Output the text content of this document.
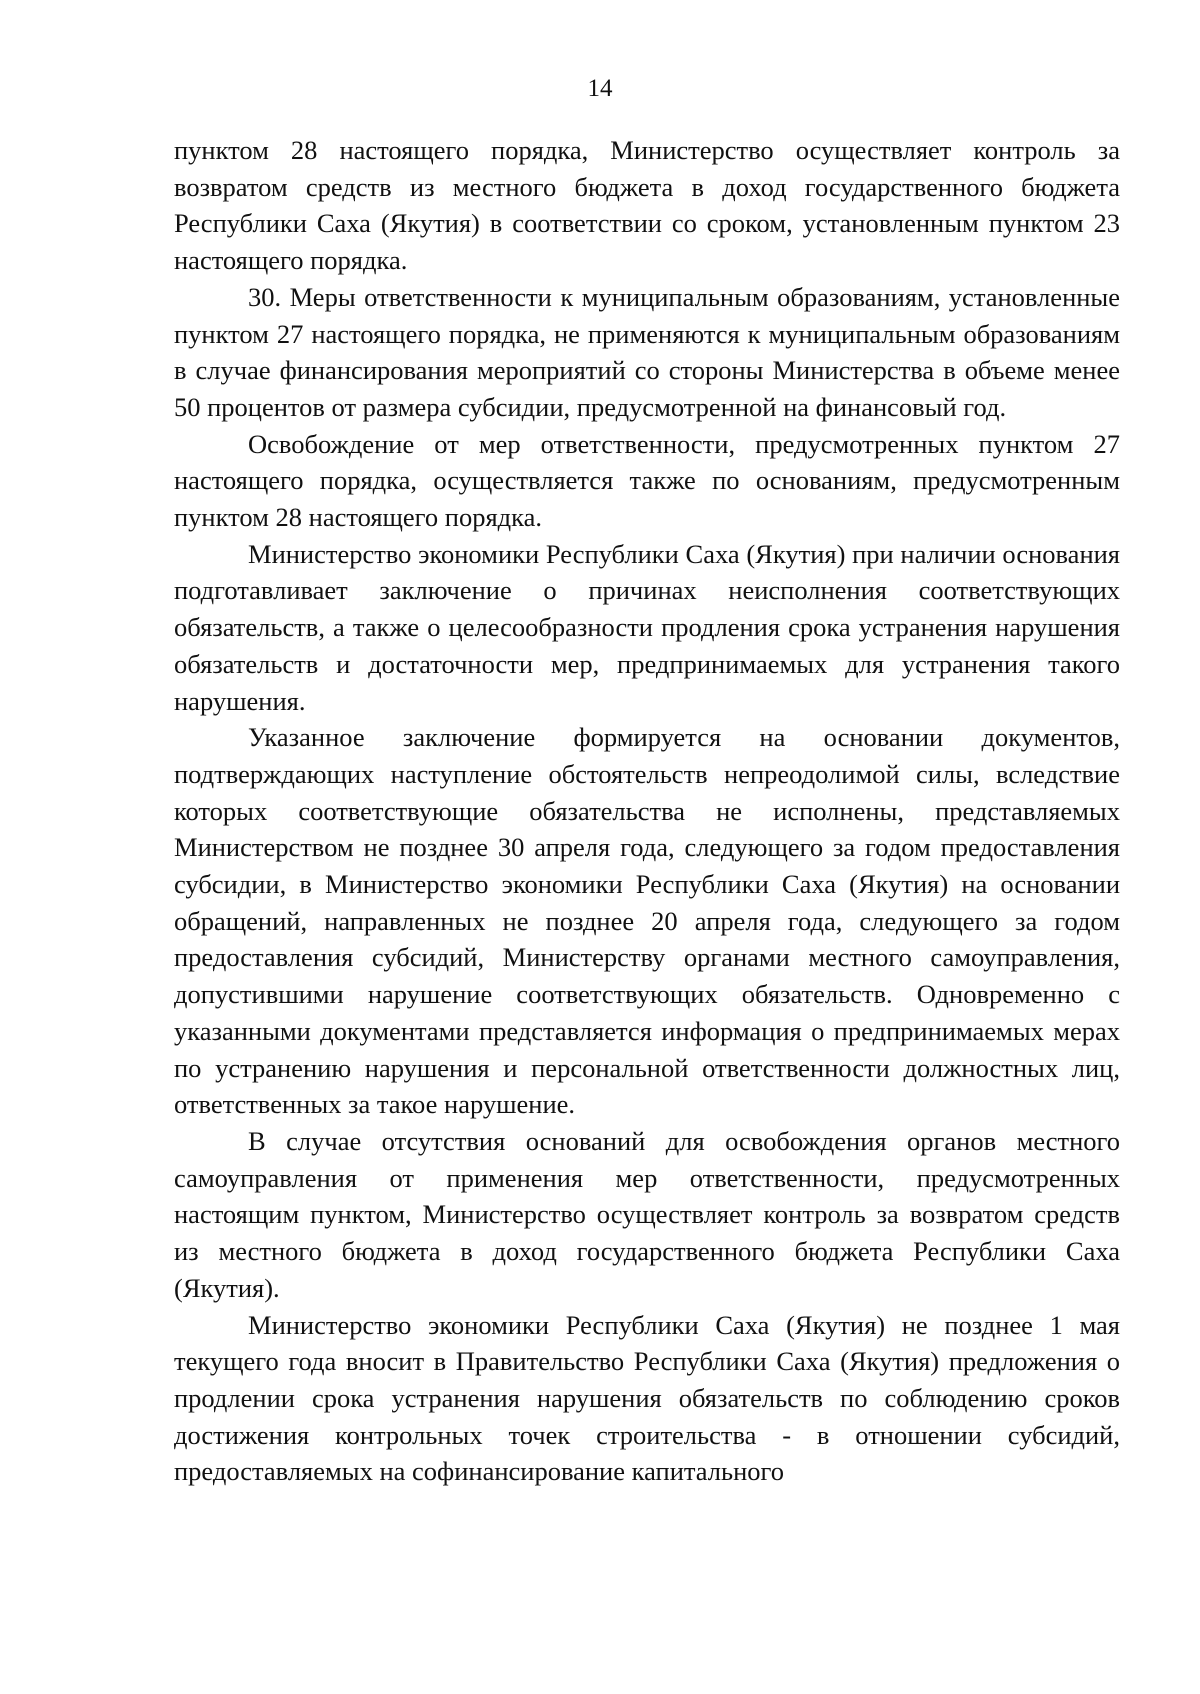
14

пунктом 28 настоящего порядка, Министерство осуществляет контроль за возвратом средств из местного бюджета в доход государственного бюджета Республики Саха (Якутия) в соответствии со сроком, установленным пунктом 23 настоящего порядка.

30. Меры ответственности к муниципальным образованиям, установленные пунктом 27 настоящего порядка, не применяются к муниципальным образованиям в случае финансирования мероприятий со стороны Министерства в объеме менее 50 процентов от размера субсидии, предусмотренной на финансовый год.

Освобождение от мер ответственности, предусмотренных пунктом 27 настоящего порядка, осуществляется также по основаниям, предусмотренным пунктом 28 настоящего порядка.

Министерство экономики Республики Саха (Якутия) при наличии основания подготавливает заключение о причинах неисполнения соответствующих обязательств, а также о целесообразности продления срока устранения нарушения обязательств и достаточности мер, предпринимаемых для устранения такого нарушения.

Указанное заключение формируется на основании документов, подтверждающих наступление обстоятельств непреодолимой силы, вследствие которых соответствующие обязательства не исполнены, представляемых Министерством не позднее 30 апреля года, следующего за годом предоставления субсидии, в Министерство экономики Республики Саха (Якутия) на основании обращений, направленных не позднее 20 апреля года, следующего за годом предоставления субсидий, Министерству органами местного самоуправления, допустившими нарушение соответствующих обязательств. Одновременно с указанными документами представляется информация о предпринимаемых мерах по устранению нарушения и персональной ответственности должностных лиц, ответственных за такое нарушение.

В случае отсутствия оснований для освобождения органов местного самоуправления от применения мер ответственности, предусмотренных настоящим пунктом, Министерство осуществляет контроль за возвратом средств из местного бюджета в доход государственного бюджета Республики Саха (Якутия).

Министерство экономики Республики Саха (Якутия) не позднее 1 мая текущего года вносит в Правительство Республики Саха (Якутия) предложения о продлении срока устранения нарушения обязательств по соблюдению сроков достижения контрольных точек строительства - в отношении субсидий, предоставляемых на софинансирование капитального
